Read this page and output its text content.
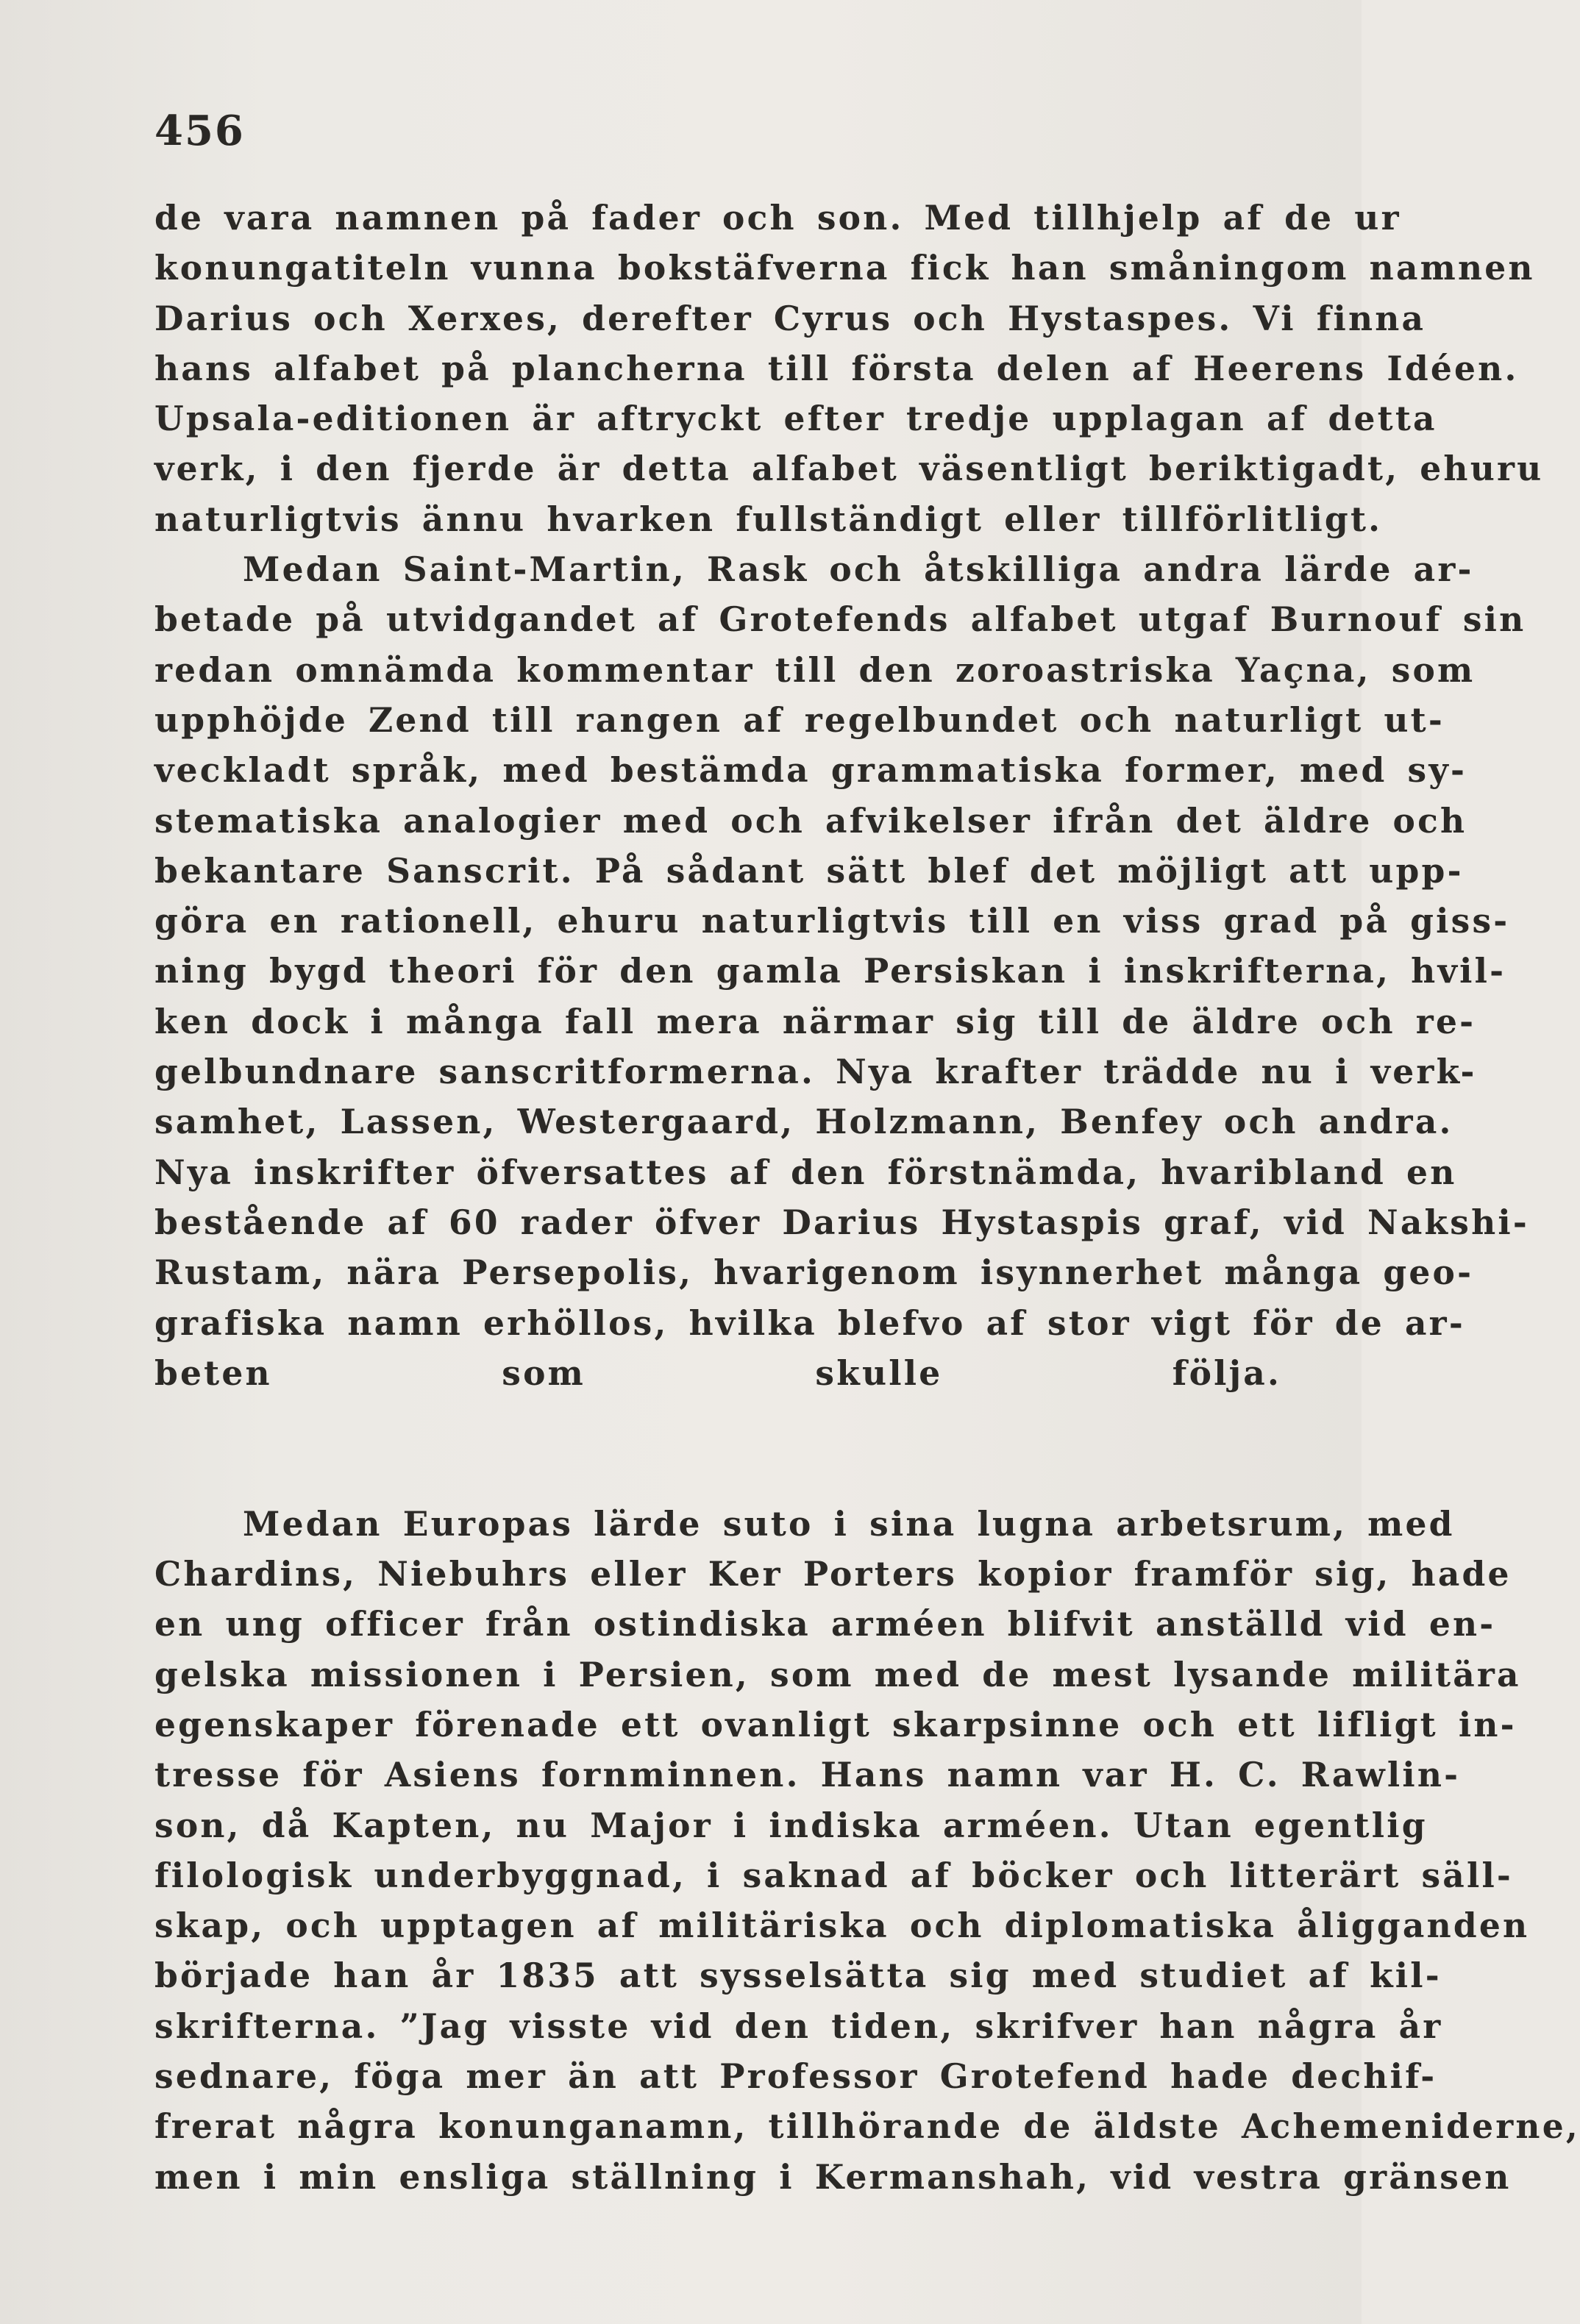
456
de vara namnen på fader och son. Med tillhjelp af de ur
konungatiteln vunna bokstäfverna fick han småningom namnen
Darius och Xerxes, derefter Cyrus och Hystaspes. Vi finna
hans alfabet på plancherna till första delen af Heerens Idéen.
Upsala-editionen är aftryckt efter tredje upplagan af detta
verk, i den fjerde är detta alfabet väsentligt beriktigadt, ehuru
naturligtvis ännu hvarken fullständigt eller tillförlitligt.
Medan Saint-Martin, Rask och åtskilliga andra lärde ar-
betade på utvidgandet af Grotefends alfabet utgaf Burnouf sin
redan omnämda kommentar till den zoroastriska Yaçna, som
upphöjde Zend till rangen af regelbundet och naturligt ut-
veckladt språk, med bestämda grammatiska former, med sy-
stematiska analogier med och afvikelser ifrån det äldre och
bekantare Sanscrit. På sådant sätt blef det möjligt att upp-
göra en rationell, ehuru naturligtvis till en viss grad på giss-
ning bygd theori för den gamla Persiskan i inskrifterna, hvil-
ken dock i många fall mera närmar sig till de äldre och re-
gelbundnare sanscritformerna. Nya krafter trädde nu i verk-
samhet, Lassen, Westergaard, Holzmann, Benfey och andra.
Nya inskrifter öfversattes af den förstnämda, hvaribland en
bestående af 60 rader öfver Darius Hystaspis graf, vid Nakshi-
Rustam, nära Persepolis, hvarigenom isynnerhet många geo-
grafiska namn erhöllos, hvilka blefvo af stor vigt för de ar-
beten som skulle följa.
Medan Europas lärde suto i sina lugna arbetsrum, med
Chardins, Niebuhrs eller Ker Porters kopior framför sig, hade
en ung officer från ostindiska arméen blifvit anställd vid en-
gelska missionen i Persien, som med de mest lysande militära
egenskaper förenade ett ovanligt skarpsinne och ett lifligt in-
tresse för Asiens fornminnen. Hans namn var H. C. Rawlin-
son, då Kapten, nu Major i indiska arméen. Utan egentlig
filologisk underbyggnad, i saknad af böcker och litterärt säll-
skap, och upptagen af militäriska och diplomatiska åligganden
började han år 1835 att sysselsätta sig med studiet af kil-
skrifterna. ”Jag visste vid den tiden, skrifver han några år
sednare, föga mer än att Professor Grotefend hade dechif-
frerat några konunganamn, tillhörande de äldste Achemeniderne,
men i min ensliga ställning i Kermanshah, vid vestra gränsen
